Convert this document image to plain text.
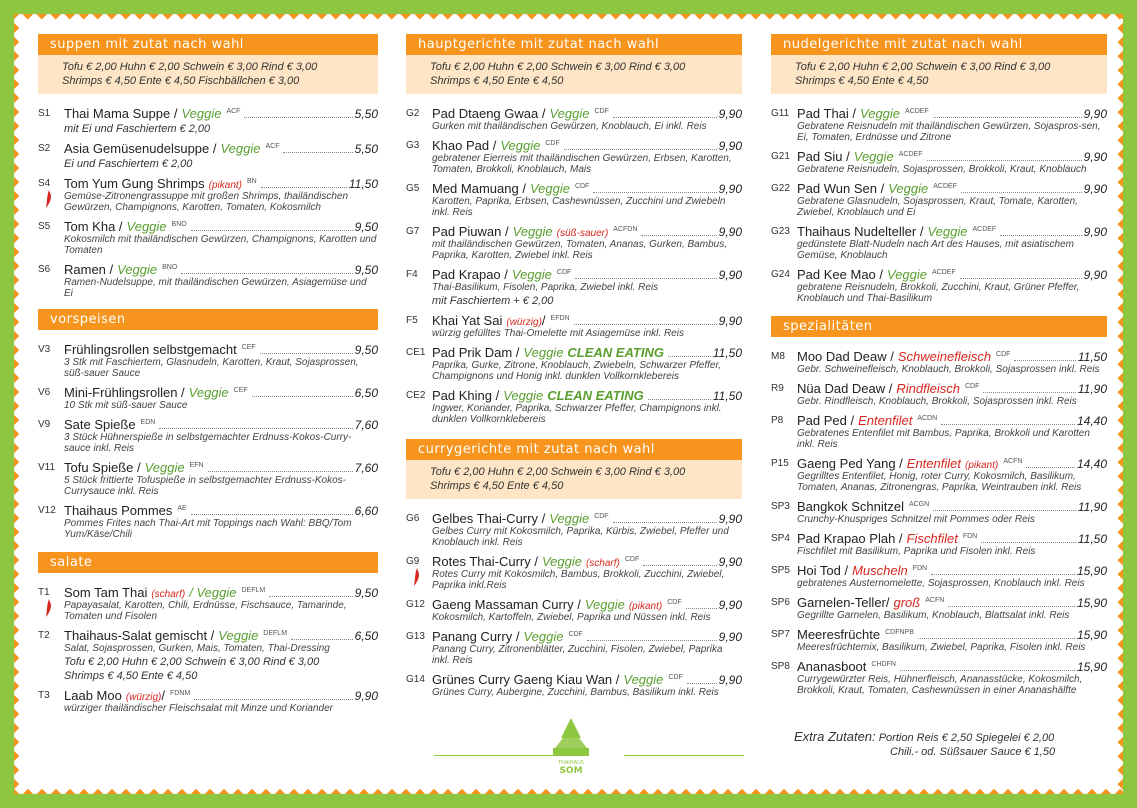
suppen mit zutat nach wahl
Tofu € 2,00 Huhn € 2,00 Schwein € 3,00 Rind € 3,00
Shrimps € 4,50 Ente € 4,50 Fischbällchen € 3,00
S1 Thai Mama Suppe / Veggie ACF	5,50
mit Ei und Faschiertem € 2,00
S2 Asia Gemüsenudelsuppe / Veggie ACF	5,50
Ei und Faschiertem € 2,00
S4 Tom Yum Gung Shrimps (pikant) BN	11,50
Gemüse-Zitronengrassuppe mit großen Shrimps, thailändischen Gewürzen, Champignons, Karotten, Tomaten, Kokosmilch
S5 Tom Kha / Veggie BNO	9,50
Kokosmilch mit thailändischen Gewürzen, Champignons, Karotten und Tomaten
S6 Ramen / Veggie BNO	9,50
Ramen-Nudelsuppe, mit thailändischen Gewürzen, Asiagemüse und Ei
vorspeisen
V3 Frühlingsrollen selbstgemacht CEF	9,50
3 Stk mit Faschiertem, Glasnudeln, Karotten, Kraut, Sojasprossen, süß-sauer Sauce
V6 Mini-Frühlingsrollen / Veggie CEF	6,50
10 Stk mit süß-sauer Sauce
V9 Sate Spieße EDN	7,60
3 Stück Hühnerspieße in selbstgemachter Erdnuss-Kokos-Curry-sauce inkl. Reis
V11 Tofu Spieße / Veggie EFN	7,60
5 Stück frittierte Tofuspieße in selbstgemachter Erdnuss-Kokos-Currysauce inkl. Reis
V12 Thaihaus Pommes AE	6,60
Pommes Frites nach Thai-Art mit Toppings nach Wahl: BBQ/Tom Yum/Käse/Chili
salate
T1 Som Tam Thai (scharf) / Veggie DEFLM	9,50
Papayasalat, Karotten, Chili, Erdnüsse, Fischsauce, Tamarinde, Tomaten und Fisolen
T2 Thaihaus-Salat gemischt / Veggie DEFLM	6,50
Salat, Sojasprossen, Gurken, Mais, Tomaten, Thai-Dressing
Tofu € 2,00 Huhn € 2,00 Schwein € 3,00 Rind € 3,00
Shrimps € 4,50 Ente € 4,50
T3 Laab Moo (würzig) / FDNM	9,90
würziger thailändischer Fleischsalat mit Minze und Koriander
hauptgerichte mit zutat nach wahl
Tofu € 2,00 Huhn € 2,00 Schwein € 3,00 Rind € 3,00
Shrimps € 4,50 Ente € 4,50
G2 Pad Dtaeng Gwaa / Veggie CDF	9,90
Gurken mit thailändischen Gewürzen, Knoblauch, Ei inkl. Reis
G3 Khao Pad / Veggie CDF	9,90
gebratener Eierreis mit thailändischen Gewürzen, Erbsen, Karotten, Tomaten, Brokkoli, Knoblauch, Mais
G5 Med Mamuang / Veggie CDF	9,90
Karotten, Paprika, Erbsen, Cashewnüssen, Zucchini und Zwiebeln inkl. Reis
G7 Pad Piuwan / Veggie (süß-sauer) ACFDN	9,90
mit thailändischen Gewürzen, Tomaten, Ananas, Gurken, Bambus, Paprika, Karotten, Zwiebel inkl. Reis
F4 Pad Krapao / Veggie CDF	9,90
Thai-Basilikum, Fisolen, Paprika, Zwiebel inkl. Reis
mit Faschiertem + € 2,00
F5 Khai Yat Sai (würzig) / EFDN	9,90
würzig gefülltes Thai-Omelette mit Asiagemüse inkl. Reis
CE1 Pad Prik Dam / Veggie CLEAN EATING	11,50
Paprika, Gurke, Zitrone, Knoblauch, Zwiebeln, Schwarzer Pfeffer, Champignons und Honig inkl. dunklen Vollkornklebereis
CE2 Pad Khing / Veggie CLEAN EATING	11,50
Ingwer, Koriander, Paprika, Schwarzer Pfeffer, Champignons inkl. dunklen Vollkornklebereis
currygerichte mit zutat nach wahl
Tofu € 2,00 Huhn € 2,00 Schwein € 3,00 Rind € 3,00
Shrimps € 4,50 Ente € 4,50
G6 Gelbes Thai-Curry / Veggie CDF	9,90
Gelbes Curry mit Kokosmilch, Paprika, Kürbis, Zwiebel, Pfeffer und Knoblauch inkl. Reis
G9 Rotes Thai-Curry / Veggie (scharf) CDF	9,90
Rotes Curry mit Kokosmilch, Bambus, Brokkoli, Zucchini, Zwiebel, Paprika inkl.Reis
G12 Gaeng Massaman Curry / Veggie (pikant) CDF	9,90
Kokosmilch, Kartoffeln, Zwiebel, Paprika und Nüssen inkl. Reis
G13 Panang Curry / Veggie CDF	9,90
Panang Curry, Zitronenblätter, Zucchini, Fisolen, Zwiebel, Paprika inkl. Reis
G14 Grünes Curry Gaeng Kiau Wan / Veggie CDF	9,90
Grünes Curry, Aubergine, Zucchini, Bambus, Basilikum inkl. Reis
nudelgerichte mit zutat nach wahl
Tofu € 2,00 Huhn € 2,00 Schwein € 3,00 Rind € 3,00
Shrimps € 4,50 Ente € 4,50
G11 Pad Thai / Veggie ACDEF	9,90
Gebratene Reisnudeln mit thailändischen Gewürzen, Sojaspros-sen, Ei, Tomaten, Erdnüsse und Zitrone
G21 Pad Siu / Veggie ACDEF	9,90
Gebratene Reisnudeln, Sojasprossen, Brokkoli, Kraut, Knoblauch
G22 Pad Wun Sen / Veggie ACDEF	9,90
Gebratene Glasnudeln, Sojasprossen, Kraut, Tomate, Karotten, Zwiebel, Knoblauch und Ei
G23 Thaihaus Nudelteller / Veggie ACDEF	9,90
gedünstete Blatt-Nudeln nach Art des Hauses, mit asiatischem Gemüse, Knoblauch
G24 Pad Kee Mao / Veggie ACDEF	9,90
gebratene Reisnudeln, Brokkoli, Zucchini, Kraut, Grüner Pfeffer, Knoblauch und Thai-Basilikum
spezialitäten
M8 Moo Dad Deaw / Schweinefleisch CDF	11,50
Gebr. Schweinefleisch, Knoblauch, Brokkoli, Sojasprossen inkl. Reis
R9 Nüa Dad Deaw / Rindfleisch CDF	11,90
Gebr. Rindfleisch, Knoblauch, Brokkoli, Sojasprossen inkl. Reis
P8 Pad Ped / Entenfilet ACDN	14,40
Gebratenes Entenfilet mit Bambus, Paprika, Brokkoli und Karotten inkl. Reis
P15 Gaeng Ped Yang / Entenfilet (pikant) ACFN	14,40
Gegrilltes Entenfilet, Honig, roter Curry, Kokosmilch, Basilikum, Tomaten, Ananas, Zitronengras, Paprika, Weintrauben inkl. Reis
SP3 Bangkok Schnitzel ACGN	11,90
Crunchy-Knuspriges Schnitzel mit Pommes oder Reis
SP4 Pad Krapao Plah / Fischfilet FDN	11,50
Fischfilet mit Basilikum, Paprika und Fisolen inkl. Reis
SP5 Hoi Tod / Muscheln FDN	15,90
gebratenes Austernomelette, Sojasprossen, Knoblauch inkl. Reis
SP6 Garnelen-Teller/ groß ACFN	15,90
Gegrillte Garnelen, Basilikum, Knoblauch, Blattsalat inkl. Reis
SP7 Meeresfrüchte CDFNPB	15,90
Meeresfrüchtemix, Basilikum, Zwiebel, Paprika, Fisolen inkl. Reis
SP8 Ananasboot CHDFN	15,90
Currygewürzter Reis, Hühnerfleisch, Ananasstücke, Kokosmilch, Brokkoli, Kraut, Tomaten, Cashewnüssen in einer Ananashälfte
THAIHAUS
SOM
Extra Zutaten: Portion Reis € 2,50 Spiegelei € 2,00
Chili.- od. Süßsauer Sauce € 1,50
